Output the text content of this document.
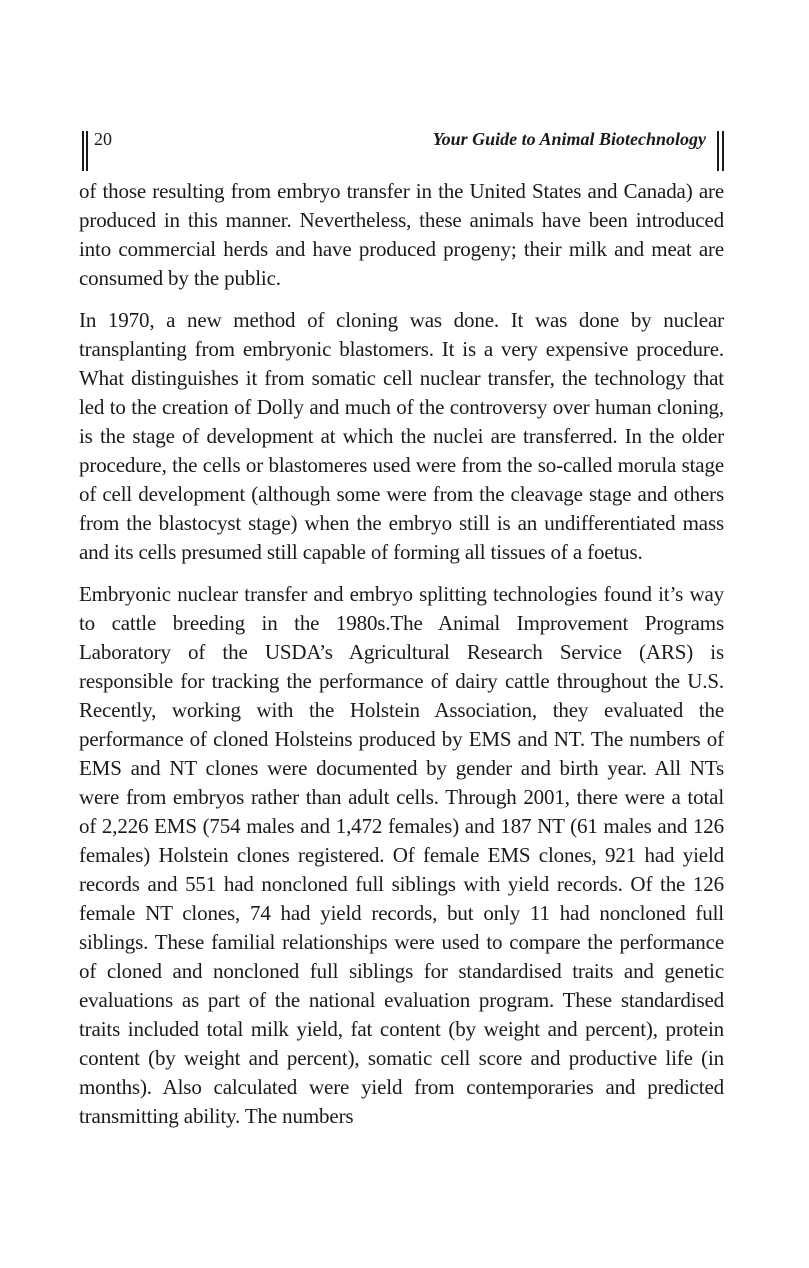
20	Your Guide to Animal Biotechnology

of those resulting from embryo transfer in the United States and Canada) are produced in this manner. Nevertheless, these animals have been introduced into commercial herds and have produced progeny; their milk and meat are consumed by the public.

In 1970, a new method of cloning was done. It was done by nuclear transplanting from embryonic blastomers. It is a very expensive procedure. What distinguishes it from somatic cell nuclear transfer, the technology that led to the creation of Dolly and much of the controversy over human cloning, is the stage of development at which the nuclei are transferred. In the older procedure, the cells or blastomeres used were from the so-called morula stage of cell development (although some were from the cleavage stage and others from the blastocyst stage) when the embryo still is an undifferentiated mass and its cells presumed still capable of forming all tissues of a foetus.

Embryonic nuclear transfer and embryo splitting technologies found it’s way to cattle breeding in the 1980s.The Animal Improvement Programs Laboratory of the USDA’s Agricultural Research Service (ARS) is responsible for tracking the performance of dairy cattle throughout the U.S. Recently, working with the Holstein Association, they evaluated the performance of cloned Holsteins produced by EMS and NT. The numbers of EMS and NT clones were documented by gender and birth year. All NTs were from embryos rather than adult cells. Through 2001, there were a total of 2,226 EMS (754 males and 1,472 females) and 187 NT (61 males and 126 females) Holstein clones registered. Of female EMS clones, 921 had yield records and 551 had noncloned full siblings with yield records. Of the 126 female NT clones, 74 had yield records, but only 11 had noncloned full siblings. These familial relationships were used to compare the performance of cloned and noncloned full siblings for standardised traits and genetic evaluations as part of the national evaluation program. These standardised traits included total milk yield, fat content (by weight and percent), protein content (by weight and percent), somatic cell score and productive life (in months). Also calculated were yield from contemporaries and predicted transmitting ability. The numbers
